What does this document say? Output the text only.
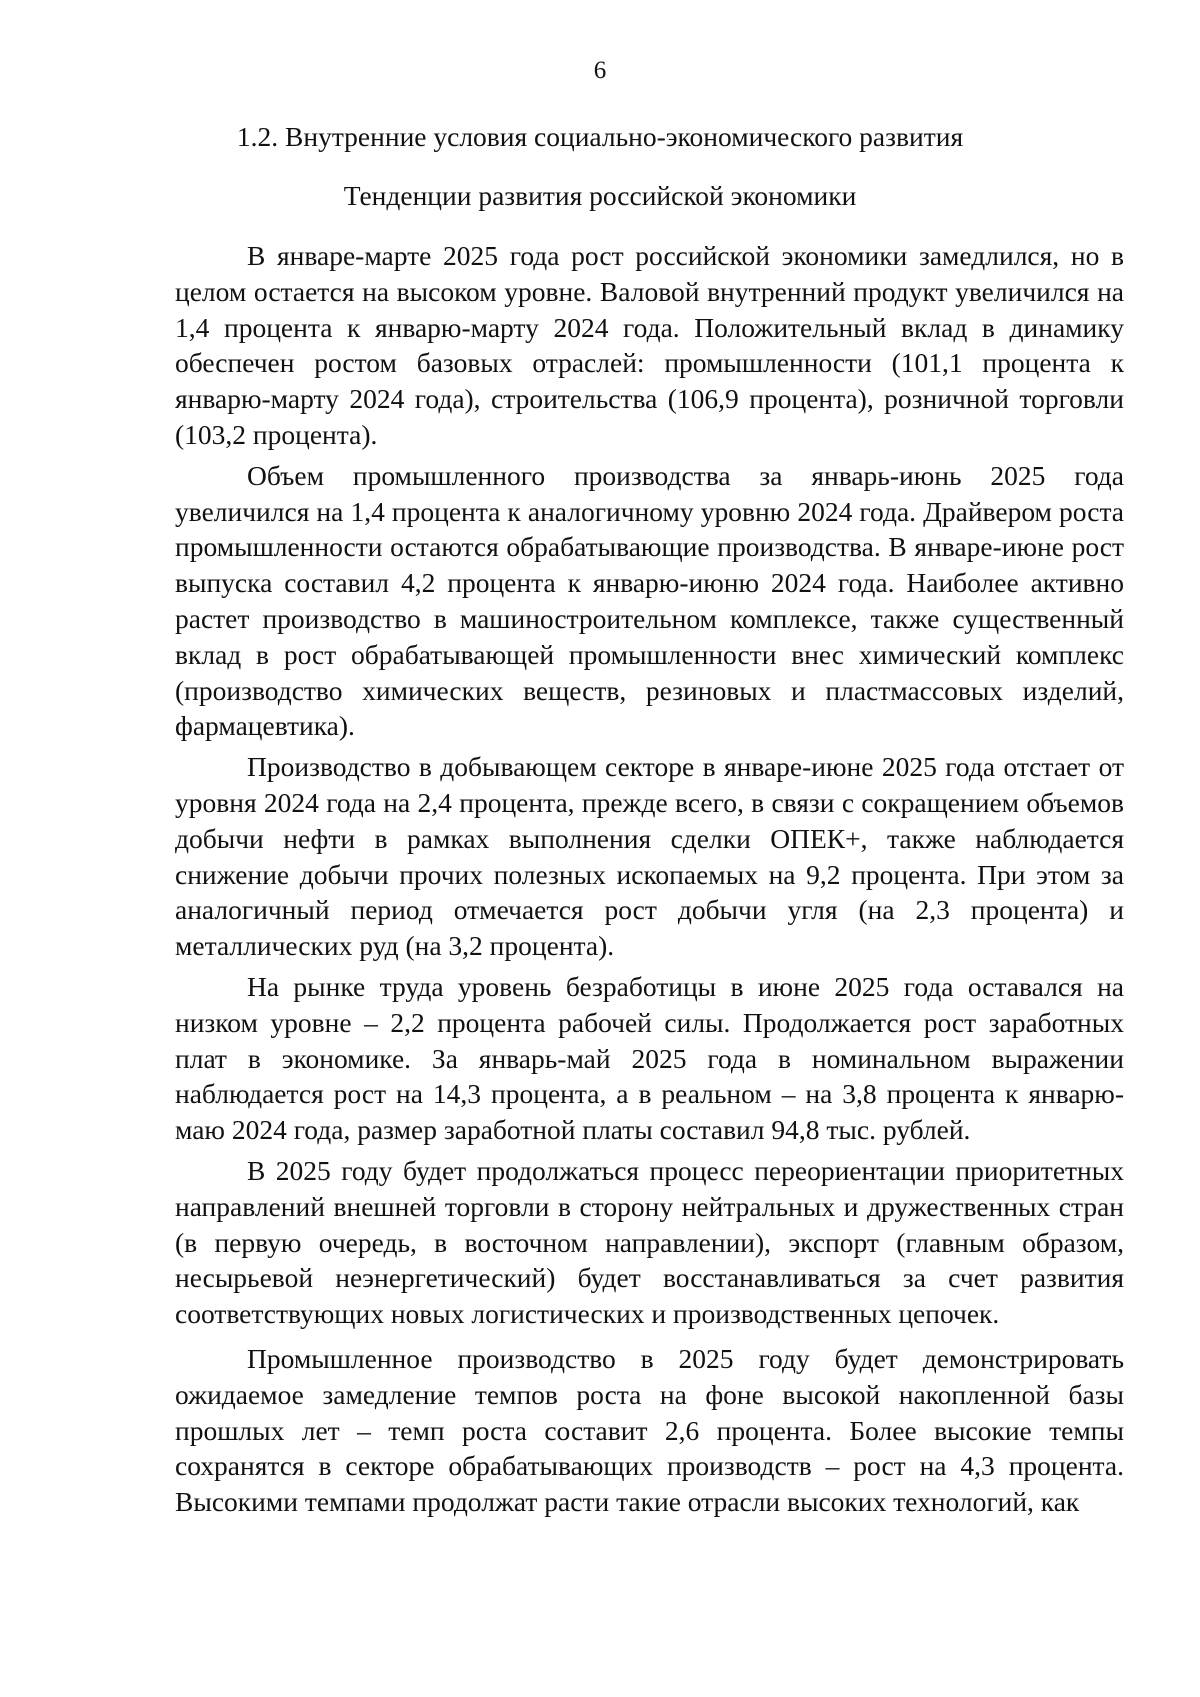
6
1.2. Внутренние условия социально-экономического развития
Тенденции развития российской экономики

В январе-марте 2025 года рост российской экономики замедлился, но в целом остается на высоком уровне. Валовой внутренний продукт увеличился на 1,4 процента к январю-марту 2024 года. Положительный вклад в динамику обеспечен ростом базовых отраслей: промышленности (101,1 процента к январю-марту 2024 года), строительства (106,9 процента), розничной торговли (103,2 процента).

Объем промышленного производства за январь-июнь 2025 года увеличился на 1,4 процента к аналогичному уровню 2024 года. Драйвером роста промышленности остаются обрабатывающие производства. В январе-июне рост выпуска составил 4,2 процента к январю-июню 2024 года. Наиболее активно растет производство в машиностроительном комплексе, также существенный вклад в рост обрабатывающей промышленности внес химический комплекс (производство химических веществ, резиновых и пластмассовых изделий, фармацевтика).

Производство в добывающем секторе в январе-июне 2025 года отстает от уровня 2024 года на 2,4 процента, прежде всего, в связи с сокращением объемов добычи нефти в рамках выполнения сделки ОПЕК+, также наблюдается снижение добычи прочих полезных ископаемых на 9,2 процента. При этом за аналогичный период отмечается рост добычи угля (на 2,3 процента) и металлических руд (на 3,2 процента).

На рынке труда уровень безработицы в июне 2025 года оставался на низком уровне – 2,2 процента рабочей силы. Продолжается рост заработных плат в экономике. За январь-май 2025 года в номинальном выражении наблюдается рост на 14,3 процента, а в реальном – на 3,8 процента к январю-маю 2024 года, размер заработной платы составил 94,8 тыс. рублей.

В 2025 году будет продолжаться процесс переориентации приоритетных направлений внешней торговли в сторону нейтральных и дружественных стран (в первую очередь, в восточном направлении), экспорт (главным образом, несырьевой неэнергетический) будет восстанавливаться за счет развития соответствующих новых логистических и производственных цепочек.

Промышленное производство в 2025 году будет демонстрировать ожидаемое замедление темпов роста на фоне высокой накопленной базы прошлых лет – темп роста составит 2,6 процента. Более высокие темпы сохранятся в секторе обрабатывающих производств – рост на 4,3 процента. Высокими темпами продолжат расти такие отрасли высоких технологий, как
